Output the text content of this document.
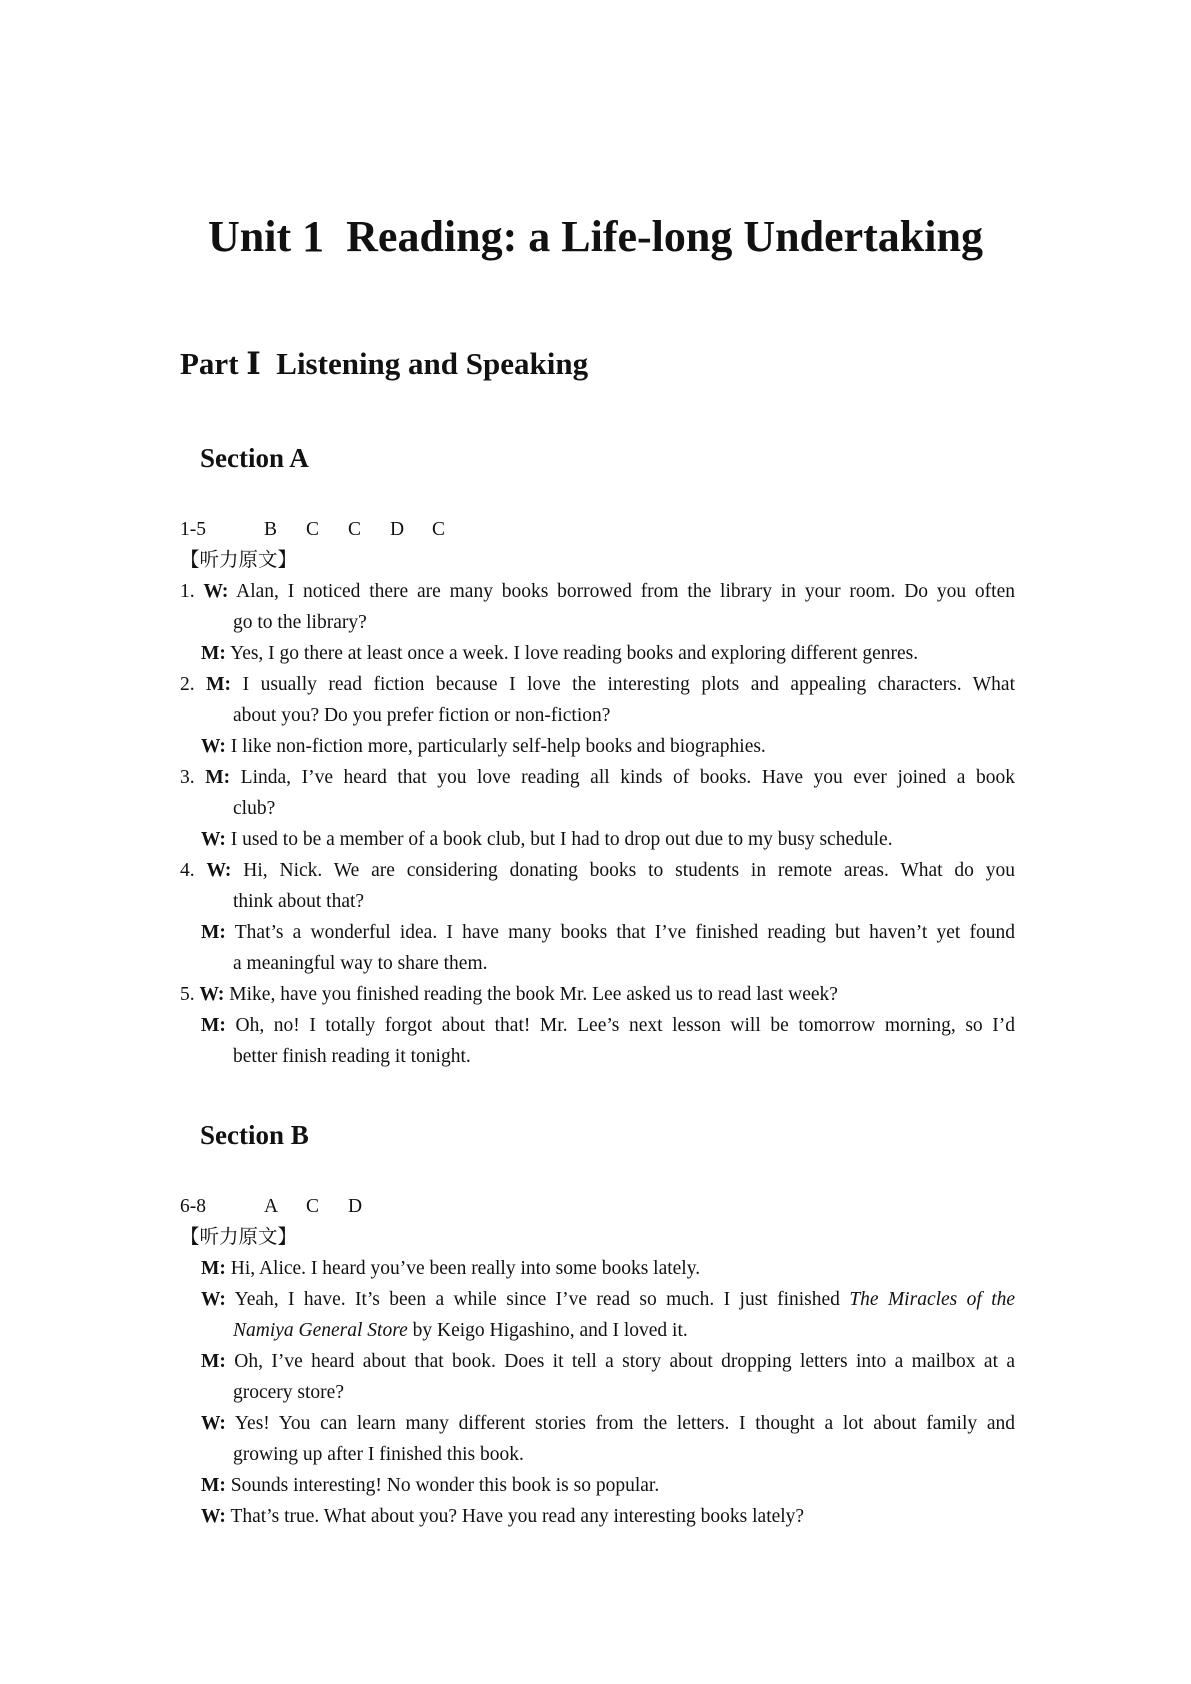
Unit 1  Reading: a Life-long Undertaking
Part Ⅰ  Listening and Speaking
Section A
1-5	B C C D C
【听力原文】
1. W: Alan, I noticed there are many books borrowed from the library in your room. Do you often
go to the library?
M: Yes, I go there at least once a week. I love reading books and exploring different genres.
2. M: I usually read fiction because I love the interesting plots and appealing characters. What
about you? Do you prefer fiction or non-fiction?
W: I like non-fiction more, particularly self-help books and biographies.
3. M: Linda, I’ve heard that you love reading all kinds of books. Have you ever joined a book
club?
W: I used to be a member of a book club, but I had to drop out due to my busy schedule.
4. W: Hi, Nick. We are considering donating books to students in remote areas. What do you
think about that?
M: That’s a wonderful idea. I have many books that I’ve finished reading but haven’t yet found
a meaningful way to share them.
5. W: Mike, have you finished reading the book Mr. Lee asked us to read last week?
M: Oh, no! I totally forgot about that! Mr. Lee’s next lesson will be tomorrow morning, so I’d
better finish reading it tonight.
Section B
6-8	A C D
【听力原文】
M: Hi, Alice. I heard you’ve been really into some books lately.
W: Yeah, I have. It’s been a while since I’ve read so much. I just finished The Miracles of the
Namiya General Store by Keigo Higashino, and I loved it.
M: Oh, I’ve heard about that book. Does it tell a story about dropping letters into a mailbox at a
grocery store?
W: Yes! You can learn many different stories from the letters. I thought a lot about family and
growing up after I finished this book.
M: Sounds interesting! No wonder this book is so popular.
W: That’s true. What about you? Have you read any interesting books lately?
